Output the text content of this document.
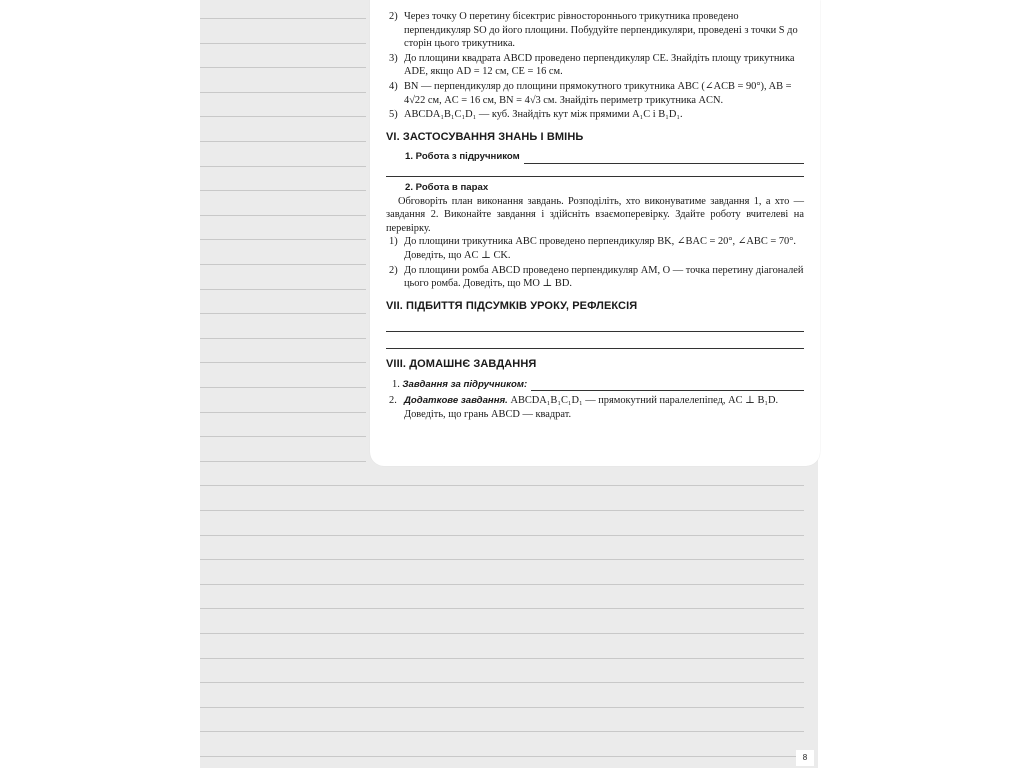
2) Через точку O перетину бісектрис рівностороннього трикутника проведено перпендикуляр SO до його площини. Побудуйте перпендикуляри, проведені з точки S до сторін цього трикутника.
3) До площини квадрата ABCD проведено перпендикуляр CE. Знайдіть площу трикутника ADE, якщо AD = 12 см, CE = 16 см.
4) BN — перпендикуляр до площини прямокутного трикутника ABC (∠ACB = 90°), AB = 4√22 см, AC = 16 см, BN = 4√3 см. Знайдіть периметр трикутника ACN.
5) ABCDA₁B₁C₁D₁ — куб. Знайдіть кут між прямими A₁C і B₁D₁.
VI. ЗАСТОСУВАННЯ ЗНАНЬ І ВМІНЬ
1. Робота з підручником
2. Робота в парах
Обговоріть план виконання завдань. Розподіліть, хто виконуватиме завдання 1, а хто — завдання 2. Виконайте завдання і здійсніть взаємоперевірку. Здайте роботу вчителеві на перевірку.
1) До площини трикутника ABC проведено перпендикуляр BK, ∠BAC = 20°, ∠ABC = 70°. Доведіть, що AC ⊥ CK.
2) До площини ромба ABCD проведено перпендикуляр AM, O — точка перетину діагоналей цього ромба. Доведіть, що MO ⊥ BD.
VII. ПІДБИТТЯ ПІДСУМКІВ УРОКУ, РЕФЛЕКСІЯ
VIII. ДОМАШНЄ ЗАВДАННЯ
1. Завдання за підручником:
2. Додаткове завдання. ABCDA₁B₁C₁D₁ — прямокутний паралелепіпед, AC ⊥ B₁D. Доведіть, що грань ABCD — квадрат.
8
